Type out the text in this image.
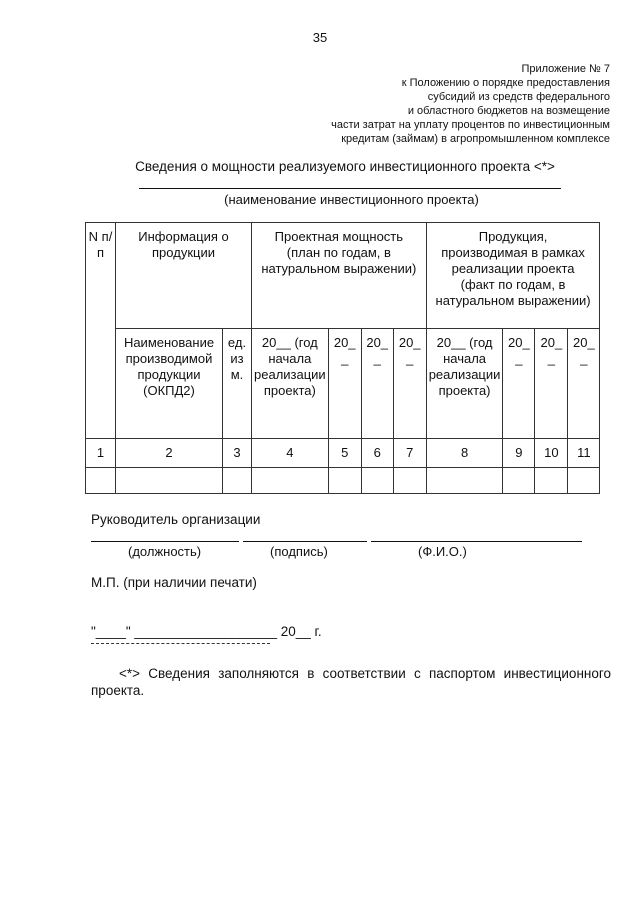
35
Приложение № 7
к Положению о порядке предоставления
субсидий из средств федерального
и областного бюджетов на возмещение
части затрат на уплату процентов по инвестиционным
кредитам (займам) в агропромышленном комплексе
Сведения о мощности реализуемого инвестиционного проекта <*>
(наименование инвестиционного проекта)
N п/п	Информация о продукции		Проектная мощность (план по годам, в натуральном выражении)				Продукция, производимая в рамках реализации проекта (факт по годам, в натуральном выражении)			
	Наименование производимой продукции (ОКПД2)	ед. из м.	20__ (год начала реализации проекта)	20_ _	20_ _	20_ _	20__ (год начала реализации проекта)	20_ _	20_ _	20_ _
1	2	3	4	5	6	7	8	9	10	11

Руководитель организации
(должность)	(подпись)	(Ф.И.О.)
М.П. (при наличии печати)
"____" ___________________ 20__ г.
<*> Сведения заполняются в соответствии с паспортом инвестиционного проекта.
